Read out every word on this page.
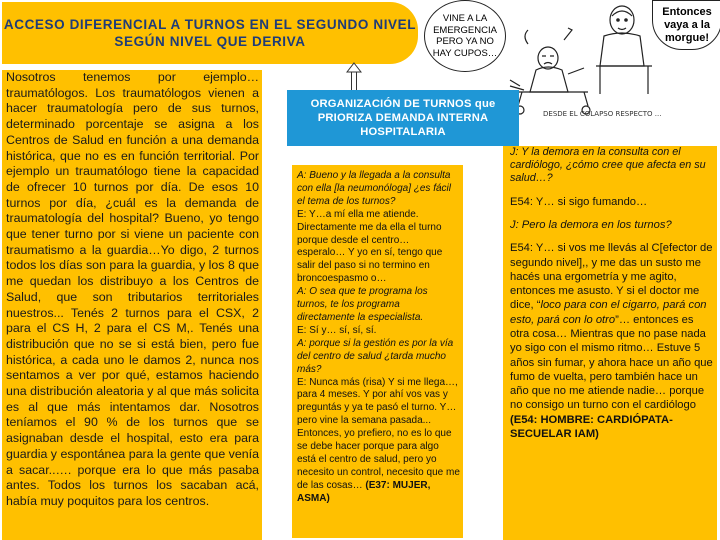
ACCESO DIFERENCIAL A TURNOS EN EL SEGUNDO NIVEL SEGÚN NIVEL QUE DERIVA
DESDE EL COLAPSO RESPECTO ...
VINE A LA EMERGENCIA PERO YA NO HAY CUPOS…
Entonces vaya a la morgue!

Nosotros tenemos por ejemplo… traumatólogos. Los traumatólogos vienen a hacer traumatología pero de sus turnos, determinado porcentaje se asigna a los Centros de Salud en función a una demanda histórica, que no es en función territorial. Por ejemplo un traumatólogo tiene la capacidad de ofrecer 10 turnos por día. De esos 10 turnos por día, ¿cuál es la demanda de traumatología del hospital? Bueno, yo tengo que tener turno por si viene un paciente con traumatismo a la guardia…Yo digo, 2 turnos todos los días son para la guardia, y los 8 que me quedan los distribuyo a los Centros de Salud, que son tributarios territoriales nuestros... Tenés 2 turnos para el CSX, 2 para el CS H, 2 para el CS M,. Tenés una distribución que no se si está bien, pero fue histórica, a cada uno le damos 2, nunca nos sentamos a ver por qué, estamos haciendo una distribución aleatoria y al que más solicita es al que más intentamos dar. Nosotros teníamos el 90 % de los turnos que se asignaban desde el hospital, esto era para guardia y espontánea para la gente que venía a sacar..…. porque era lo que más pasaba antes. Todos los turnos los sacaban acá, había muy poquitos para los centros.

ORGANIZACIÓN DE TURNOS que PRIORIZA DEMANDA INTERNA HOSPITALARIA

A: Bueno y la llegada a la consulta con ella [la neumonóloga] ¿es fácil el tema de los turnos?
E: Y…a mí ella me atiende. Directamente me da ella el turno porque desde el centro… esperalo… Y yo en sí, tengo que salir del paso si no termino en broncoespasmo o…
A: O sea que te programa los turnos, te los programa directamente la especialista.
E: Sí y… sí, sí, sí.
A: porque si la gestión es por la vía del centro de salud ¿tarda mucho más?
E: Nunca más (risa) Y si me llega…, para 4 meses. Y por ahí vos vas y preguntás y ya te pasó el turno. Y… pero vine la semana pasada... Entonces, yo prefiero, no es lo que se debe hacer porque para algo está el centro de salud, pero yo necesito un control, necesito que me de las cosas… (E37: MUJER, ASMA)

J: Y la demora en la consulta con el cardiólogo, ¿cómo cree que afecta en su salud…?

E54: Y… si sigo fumando…

J: Pero la demora en los turnos?

E54: Y… si vos me llevás al C[efector de segundo nivel],, y me das un susto me hacés una ergometría y me agito, entonces me asusto. Y si el doctor me dice, “loco para con el cigarro, pará con esto, pará con lo otro”… entonces es otra cosa… Mientras que no pase nada yo sigo con el mismo ritmo… Estuve 5 años sin fumar, y ahora hace un año que fumo de vuelta, pero también hace un año que no me atiende nadie… porque no consigo un turno con el cardiólogo (E54: HOMBRE: CARDIÓPATA- SECUELAR IAM)
